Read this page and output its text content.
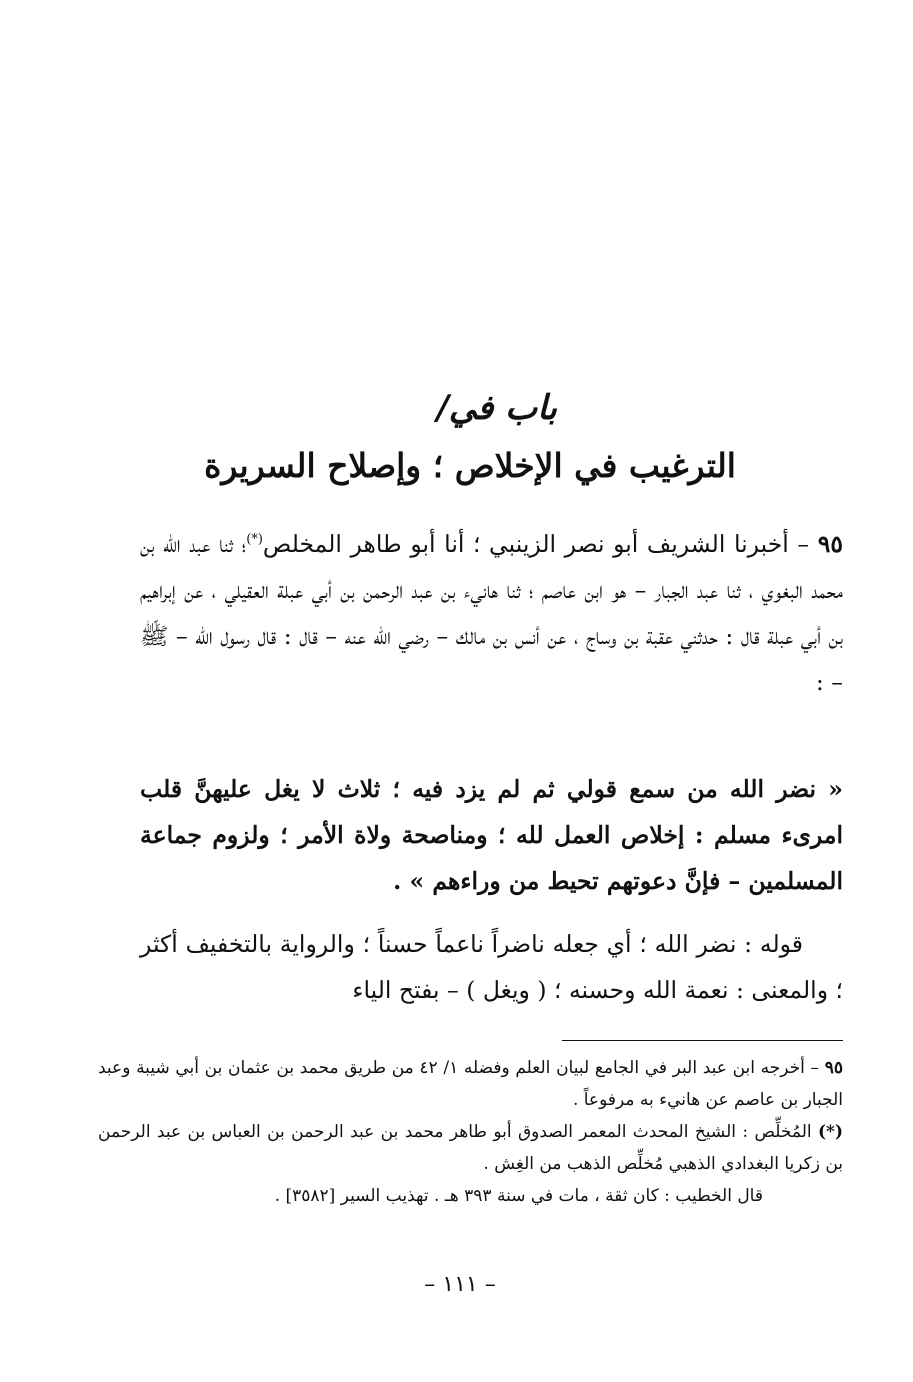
باب في/
الترغيب في الإخلاص ؛ وإصلاح السريرة

٩٥ – أخبرنا الشريف أبو نصر الزينبي ؛ أنا أبو طاهر المخلص(*)؛ ثنا عبد الله بن محمد البغوي ، ثنا عبد الجبار – هو ابن عاصم ؛ ثنا هانيء بن عبد الرحمن بن أبي عبلة العقيلي ، عن إبراهيم بن أبي عبلة قال : حدثني عقبة بن وساج ، عن أنس بن مالك – رضي الله عنه – قال : قال رسول الله – ﷺ – :

« نضر الله من سمع قولي ثم لم يزد فيه ؛ ثلاث لا يغل عليهنَّ قلب امرىء مسلم : إخلاص العمل لله ؛ ومناصحة ولاة الأمر ؛ ولزوم جماعة المسلمين – فإنَّ دعوتهم تحيط من وراءهم » .
قوله : نضر الله ؛ أي جعله ناضراً ناعماً حسناً ؛ والرواية بالتخفيف أكثر ؛ والمعنى : نعمة الله وحسنه ؛ ( ويغل ) – بفتح الياء

٩٥ – أخرجه ابن عبد البر في الجامع لبيان العلم وفضله ١/ ٤٢ من طريق محمد بن عثمان بن أبي شيبة وعبد الجبار بن عاصم عن هانيء به مرفوعاً .

(*) المُخلِّص : الشيخ المحدث المعمر الصدوق أبو طاهر محمد بن عبد الرحمن بن العباس بن عبد الرحمن بن زكريا البغدادي الذهبي مُخلِّص الذهب من الغِش .

قال الخطيب : كان ثقة ، مات في سنة ٣٩٣ هـ . تهذيب السير [٣٥٨٢] .

– ١١١ –
